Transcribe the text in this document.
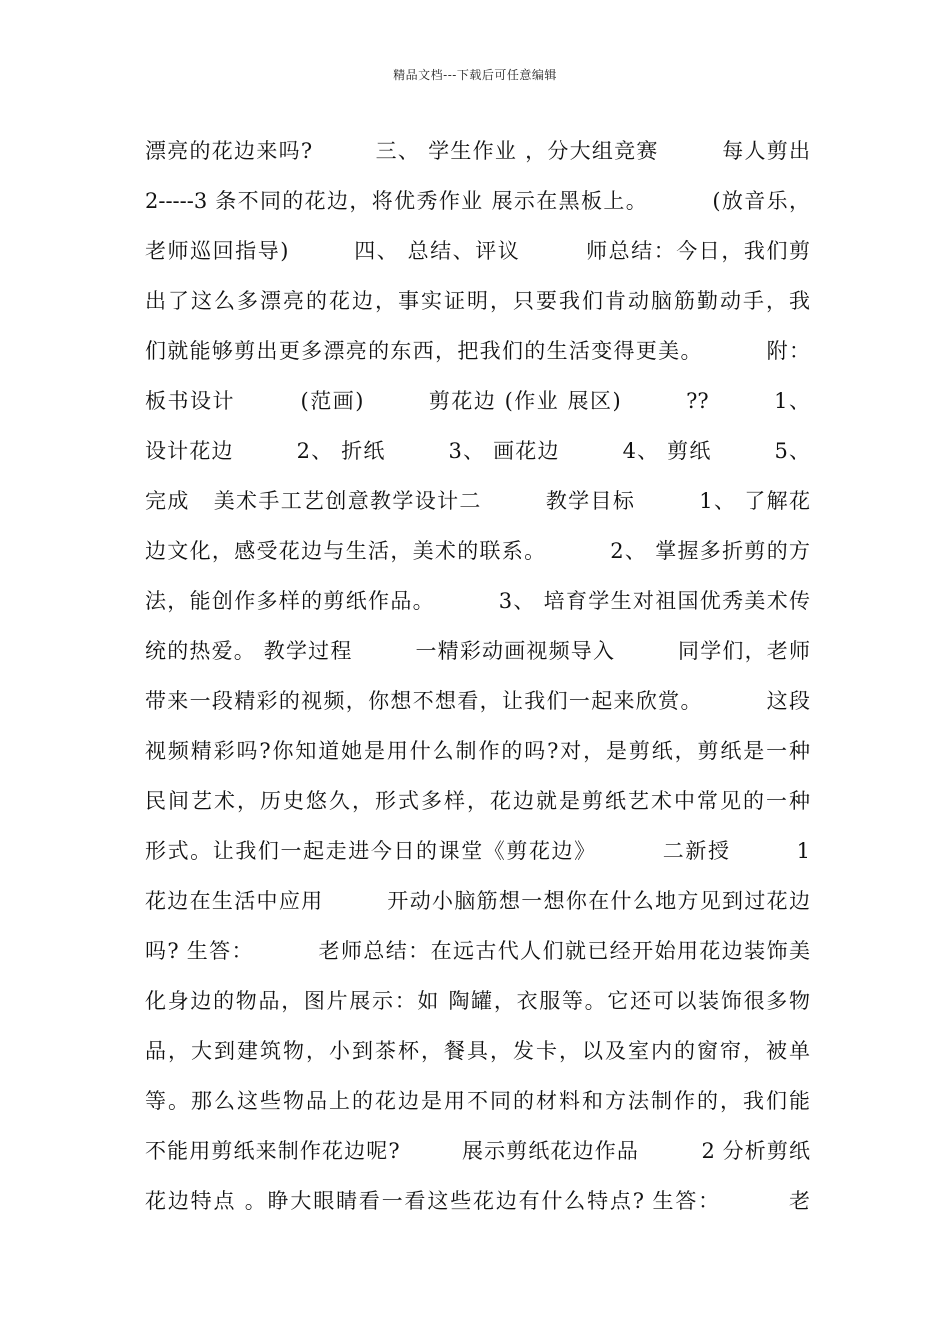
精品文档---下载后可任意编辑
漂亮的花边来吗?        三、 学生作业 ，分大组竞赛        每人剪出
2-----3 条不同的花边，将优秀作业 展示在黑板上。        (放音乐，
老师巡回指导)        四、 总结、评议        师总结：今日，我们剪
出了这么多漂亮的花边，事实证明，只要我们肯动脑筋勤动手，我
们就能够剪出更多漂亮的东西，把我们的生活变得更美。        附：
板书设计        (范画)        剪花边 (作业 展区)        ??        1、
设计花边        2、 折纸        3、 画花边        4、 剪纸        5、
完成   美术手工艺创意教学设计二        教学目标        1、 了解花
边文化，感受花边与生活，美术的联系。        2、 掌握多折剪的方
法，能创作多样的剪纸作品。        3、 培育学生对祖国优秀美术传
统的热爱。 教学过程        一精彩动画视频导入        同学们，老师
带来一段精彩的视频，你想不想看，让我们一起来欣赏。        这段
视频精彩吗?你知道她是用什么制作的吗?对，是剪纸，剪纸是一种
民间艺术，历史悠久，形式多样，花边就是剪纸艺术中常见的一种
形式。让我们一起走进今日的课堂《剪花边》        二新授        1
花边在生活中应用        开动小脑筋想一想你在什么地方见到过花边
吗? 生答：        老师总结：在远古代人们就已经开始用花边装饰美
化身边的物品，图片展示：如 陶罐，衣服等。它还可以装饰很多物
品，大到建筑物，小到茶杯，餐具，发卡，以及室内的窗帘，被单
等。那么这些物品上的花边是用不同的材料和方法制作的，我们能
不能用剪纸来制作花边呢?        展示剪纸花边作品        2 分析剪纸
花边特点 。睁大眼睛看一看这些花边有什么特点? 生答：        老
